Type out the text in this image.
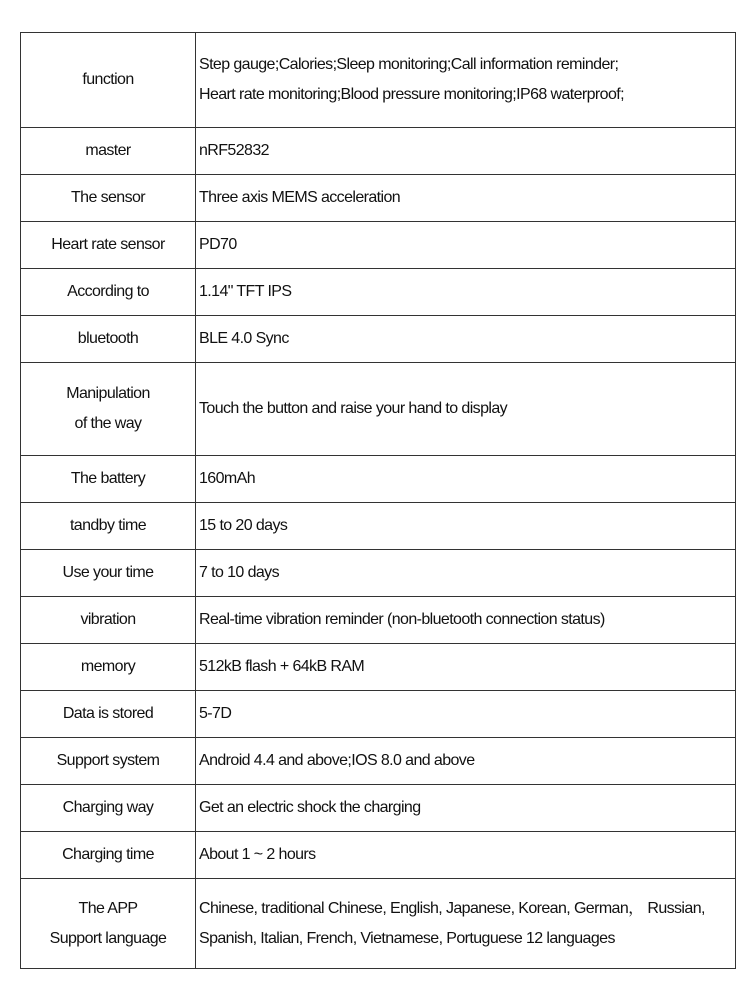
function	Step gauge;Calories;Sleep monitoring;Call information reminder;
Heart rate monitoring;Blood pressure monitoring;IP68 waterproof;

master	nRF52832

The sensor	Three axis MEMS acceleration

Heart rate sensor	PD70

According to	1.14" TFT IPS

bluetooth	BLE 4.0 Sync

Manipulation
of the way	Touch the button and raise your hand to display

The battery	160mAh

tandby time	15 to 20 days

Use your time	7 to 10 days

vibration	Real-time vibration reminder (non-bluetooth connection status)

memory	512kB flash + 64kB RAM

Data is stored	5-7D

Support system	Android 4.4 and above;IOS 8.0 and above

Charging way	Get an electric shock the charging

Charging time	About 1 ~ 2 hours

The APP
Support language	Chinese, traditional Chinese, English, Japanese, Korean, German， Russian,
Spanish, Italian, French, Vietnamese, Portuguese 12 languages
